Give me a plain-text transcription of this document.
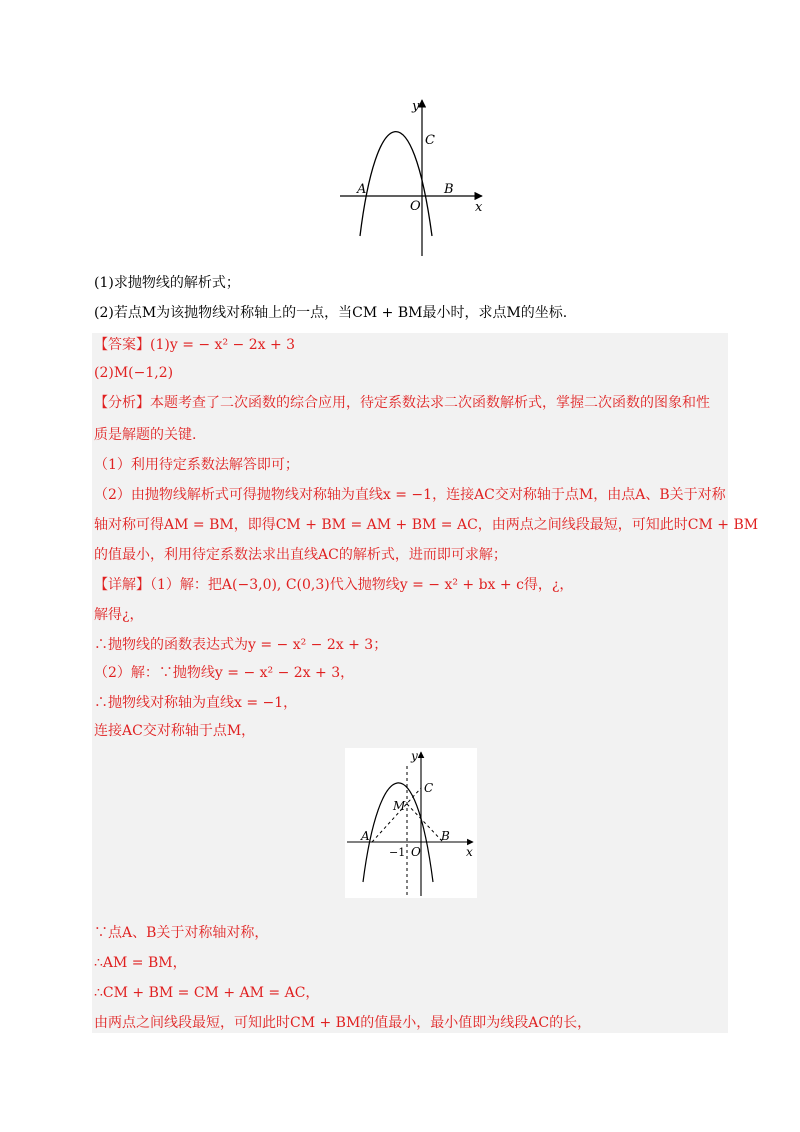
y
x
C
A	B
O
(1)求抛物线的解析式；
(2)若点M为该抛物线对称轴上的一点，当CM + BM最小时，求点M的坐标.
【答案】(1)y = − x² − 2x + 3
(2)M(−1,2)
【分析】本题考查了二次函数的综合应用，待定系数法求二次函数解析式，掌握二次函数的图象和性
质是解题的关键.
（1）利用待定系数法解答即可；
（2）由抛物线解析式可得抛物线对称轴为直线x = −1，连接AC交对称轴于点M，由点A、B关于对称
轴对称可得AM = BM，即得CM + BM = AM + BM = AC，由两点之间线段最短，可知此时CM + BM
的值最小，利用待定系数法求出直线AC的解析式，进而即可求解；
【详解】（1）解：把A(−3,0), C(0,3)代入抛物线y = − x² + bx + c得，¿，
解得¿，
∴抛物线的函数表达式为y = − x² − 2x + 3；
（2）解：∵抛物线y = − x² − 2x + 3，
∴抛物线对称轴为直线x = −1，
连接AC交对称轴于点M，
y
x
C
M
A	B
O
−1
∵点A、B关于对称轴对称，
∴AM = BM，
∴CM + BM = CM + AM = AC，
由两点之间线段最短，可知此时CM + BM的值最小，最小值即为线段AC的长，
